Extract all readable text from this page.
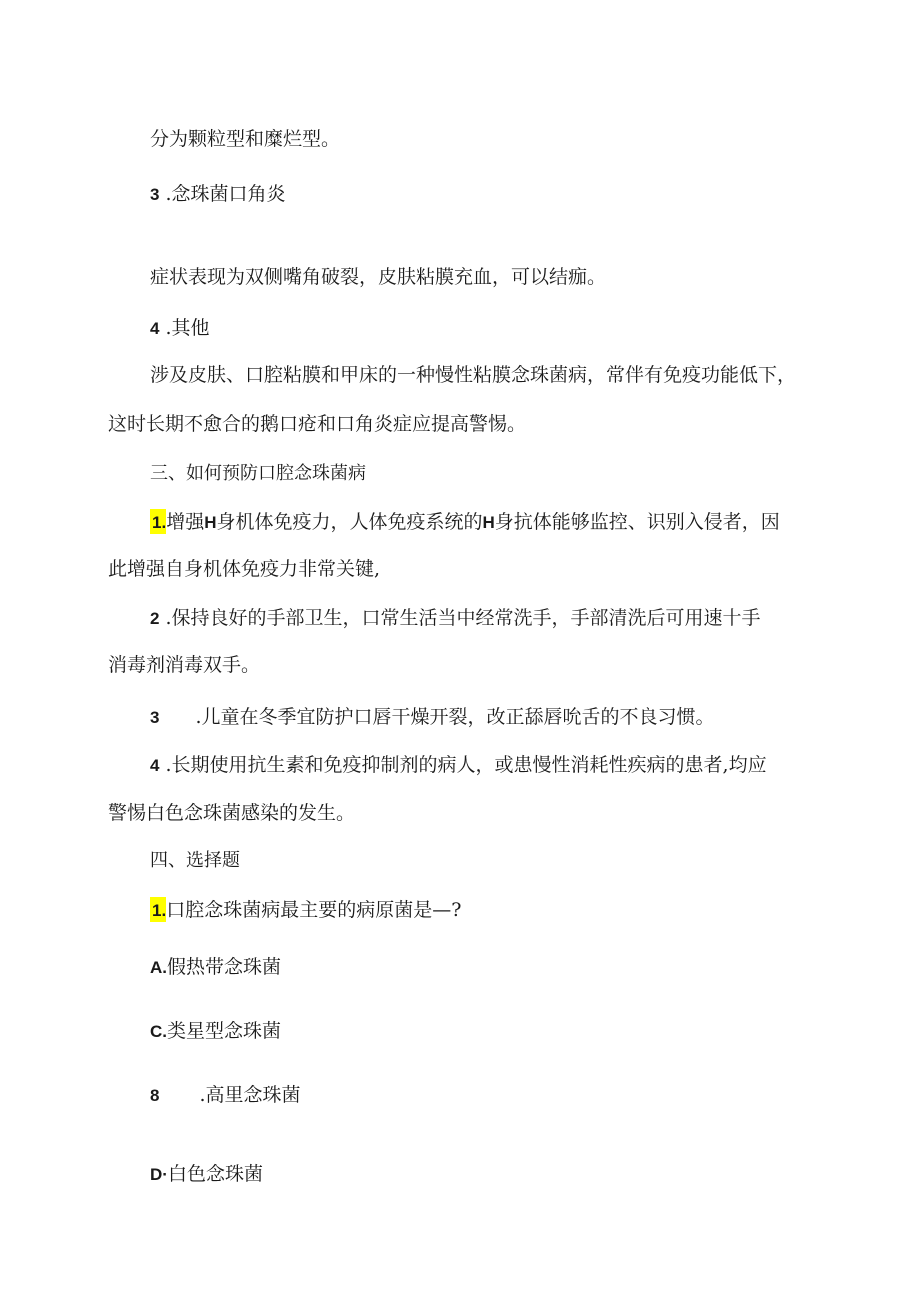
分为颗粒型和糜烂型。
3 .念珠菌口角炎
症状表现为双侧嘴角破裂，皮肤粘膜充血，可以结痂。
4 .其他
涉及皮肤、口腔粘膜和甲床的一种慢性粘膜念珠菌病，常伴有免疫功能低下，
这时长期不愈合的鹅口疮和口角炎症应提高警惕。
三、如何预防口腔念珠菌病
1.增强H身机体免疫力，人体免疫系统的H身抗体能够监控、识别入侵者，因
此增强自身机体免疫力非常关键,
2 .保持良好的手部卫生，口常生活当中经常洗手，手部清洗后可用速十手
消毒剂消毒双手。
3 .儿童在冬季宜防护口唇干燥开裂，改正舔唇吮舌的不良习惯。
4 .长期使用抗生素和免疫抑制剂的病人，或患慢性消耗性疾病的患者,均应
警惕白色念珠菌感染的发生。
四、选择题
1.口腔念珠菌病最主要的病原菌是—?
A.假热带念珠菌
C.类星型念珠菌
8 .高里念珠菌
D·白色念珠菌
